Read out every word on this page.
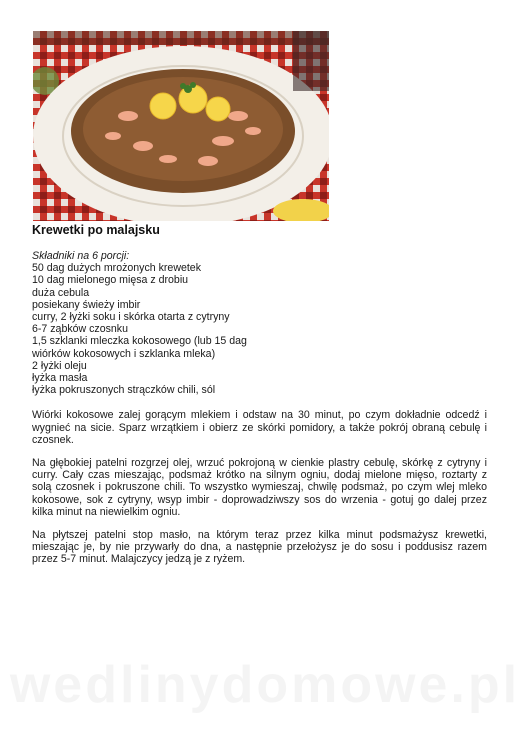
Krewetki po malajsku
Składniki na 6 porcji:
50 dag dużych mrożonych krewetek
10 dag mielonego mięsa z drobiu
duża cebula
posiekany świeży imbir
curry, 2 łyżki soku i skórka otarta z cytryny
6-7 ząbków czosnku
1,5 szklanki mleczka kokosowego (lub 15 dag wiórków kokosowych i szklanka mleka)
2 łyżki oleju
łyżka masła
łyżka pokruszonych strączków chili, sól

Wiórki kokosowe zalej gorącym mlekiem i odstaw na 30 minut, po czym dokładnie odcedź i wygnieć na sicie. Sparz wrzątkiem i obierz ze skórki pomidory, a także pokrój obraną cebulę i czosnek.

Na głębokiej patelni rozgrzej olej, wrzuć pokrojoną w cienkie plastry cebulę, skórkę z cytryny i curry. Cały czas mieszając, podsmaż krótko na silnym ogniu, dodaj mielone mięso, roztarty z solą czosnek i pokruszone chili. To wszystko wymieszaj, chwilę podsmaż, po czym wlej mleko kokosowe, sok z cytryny, wsyp imbir - doprowadziwszy sos do wrzenia - gotuj go dalej przez kilka minut na niewielkim ogniu.

Na płytszej patelni stop masło, na którym teraz przez kilka minut podsmażysz krewetki, mieszając je, by nie przywarły do dna, a następnie przełożysz je do sosu i poddusisz razem przez 5-7 minut. Malajczycy jedzą je z ryżem.
